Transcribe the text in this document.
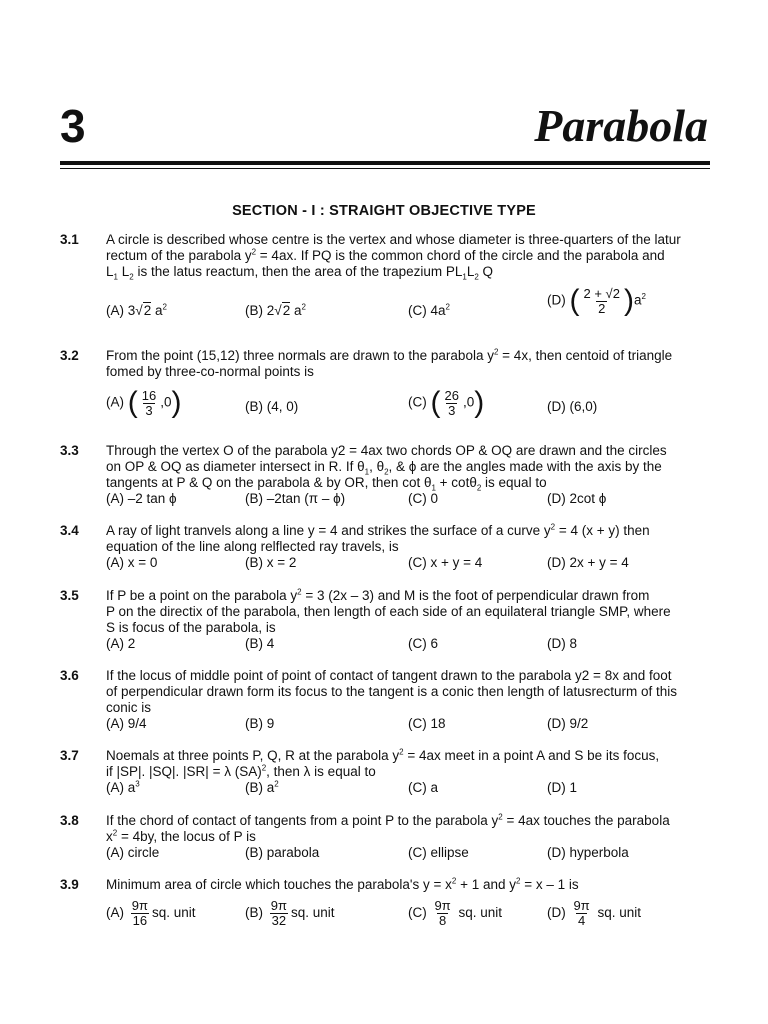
3	Parabola
SECTION - I : STRAIGHT OBJECTIVE TYPE
3.1 A circle is described whose centre is the vertex and whose diameter is three-quarters of the latur
rectum of the parabola $y^2 = 4ax$. If PQ is the common chord of the circle and the parabola and
$L_1$ $L_2$ is the latus reactum, then the area of the trapezium $PL_1L_2$ Q
(A) 3√2 $a^2$	(B) 2√2 $a^2$	(C) $4a^2$	(D) ( $\frac{2 + √2}{2} )a^2$
3.2 From the point (15,12) three normals are drawn to the parabola $y^2 = 4x$, then centoid of triangle
fomed by three-co-normal points is
(A) ( $\frac{16}{3} ,0$)	(B) (4, 0)	(C) ( $\frac{26}{3} ,0$)	(D) (6,0)
3.3 Through the vertex O of the parabola y2 = 4ax two chords OP & OQ are drawn and the circles
on OP & OQ as diameter intersect in R. If $\theta_1$, $\theta_2$, & ϕ are the angles made with the axis by the
tangents at P & Q on the parabola & by OR, then $\cot \theta_1 + \cot\theta_2$ is equal to
(A) –2 tan ϕ	(B) –2tan (π – ϕ)	(C) 0	(D) 2cot ϕ
3.4 A ray of light tranvels along a line y = 4 and strikes the surface of a curve $y^2 = 4$ (x + y) then
equation of the line along relflected ray travels, is
(A) x = 0	(B) x = 2	(C) x + y = 4	(D) 2x + y = 4
3.5 If P be a point on the parabola $y^2 = 3$ (2x – 3) and M is the foot of perpendicular drawn from
P on the directix of the parabola, then length of each side of an equilateral triangle SMP, where
S is focus of the parabola, is
(A) 2	(B) 4	(C) 6	(D) 8
3.6 If the locus of middle point of point of contact of tangent drawn to the parabola y2 = 8x and foot
of perpendicular drawn form its focus to the tangent is a conic then length of latusrecturm of this
conic is
(A) 9/4	(B) 9	(C) 18	(D) 9/2
3.7 Noemals at three points P, Q, R at the parabola $y^2 = 4ax$ meet in a point A and S be its focus,
if |SP|. |SQ|. |SR| = λ (SA)$^2$, then λ is equal to
(A) $a^3$	(B) $a^2$	(C) a	(D) 1
3.8 If the chord of contact of tangents from a point P to the parabola $y^2 = 4ax$ touches the parabola
$x^2 = 4by$, the locus of P is
(A) circle	(B) parabola	(C) ellipse	(D) hyperbola
3.9 Minimum area of circle which touches the parabola's $y = x^2 + 1$ and $y^2 = x - 1$ is
$(A) \frac{9\pi}{16}$ sq. unit	$(B) \frac{9\pi}{32}$ sq. unit	$(C) \frac{9\pi}{8}$ sq. unit	$(D) \frac{9\pi}{4}$ sq. unit
